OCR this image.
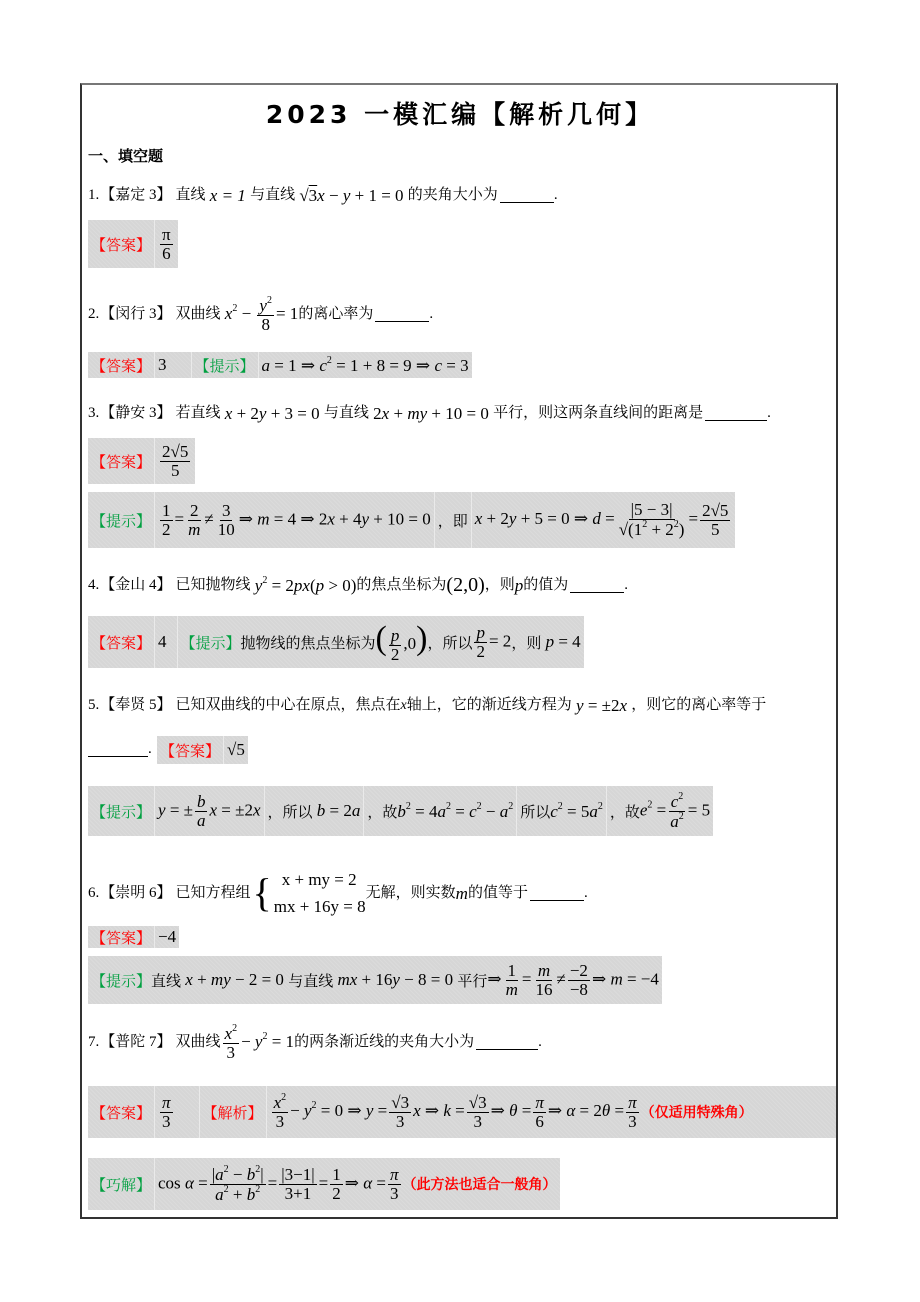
2023 一模汇编【解析几何】
一、填空题
1. 【嘉定 3】 直线 x = 1 与直线 √3x − y + 1 = 0 的夹角大小为	.
【答案】 $\frac{\pi}{6}$
2. 【闵行 3】 双曲线 $x^2 - \frac{y^2}{8} = 1$ 的离心率为	.
【答案】 3 【提示】 a = 1 ⇒ $c^2 = 1 + 8 = 9$ ⇒ c = 3
3. 【静安 3】 若直线 x + 2y + 3 = 0 与直线 2x + my + 10 = 0 平行，则这两条直线间的距离是	.
【答案】 $\frac{2√5}{5}$
【提示】 $\frac{1}{2} = \frac{2}{m} \ne \frac{3}{10}$ ⇒ m = 4 ⇒ 2x + 4y + 10 = 0 ，即 x + 2y + 5 = 0 ⇒ $d = \frac{|5 - 3|}{√(1^2 + 2^2)} = \frac{2√5}{5}$
4. 【金山 4】 已知抛物线 $y^2 = 2px(p > 0)$ 的焦点坐标为 (2,0) ，则 p 的值为	.
【答案】 4 【提示】 抛物线的焦点坐标为 ( $\frac{p}{2} ,0$) ，所以 $\frac{p}{2} = 2$ ，则 p = 4
5. 【奉贤 5】 已知双曲线的中心在原点，焦点在 x 轴上，它的渐近线方程为 y = ±2x ，则它的离心率等于
. 【答案】 √5
【提示】 y = ± $\frac{b}{a}$ x = ±2x ，所以 b = 2a ，故 $b^2 = 4a^2 = c^2 - a^2$ 所以 $c^2 = 5a^2$ ，故 $e^2 = \frac{c^2}{a^2} = 5$
6. 【崇明 6】 已知方程组 { x + my = 2
mx + 16y = 8
无解，则实数 m 的值等于	.
【答案】 −4
【提示】 直线 x + my − 2 = 0 与直线 mx + 16y − 8 = 0 平行 ⇒ $\frac{1}{m} = \frac{m}{16} \ne \frac{-2}{-8}$ ⇒ m = −4
7. 【普陀 7】 双曲线 $\frac{x^2}{3} - y^2 = 1$ 的两条渐近线的夹角大小为	.
【答案】 $\frac{\pi}{3}$ 【解析】 $\frac{x^2}{3} - y^2 = 0$ ⇒ $y = \frac{√3}{3}$ x ⇒ $k = \frac{√3}{3}$ ⇒ $\theta = \frac{\pi}{6}$ ⇒ $\alpha = 2\theta = \frac{\pi}{3}$ （仅适用特殊角）
【巧解】 $\cos \alpha = \frac{|a^2 - b^2|}{a^2 + b^2} = \frac{|3-1|}{3+1} = \frac{1}{2}$ ⇒ $\alpha = \frac{\pi}{3}$ （此方法也适合一般角）
